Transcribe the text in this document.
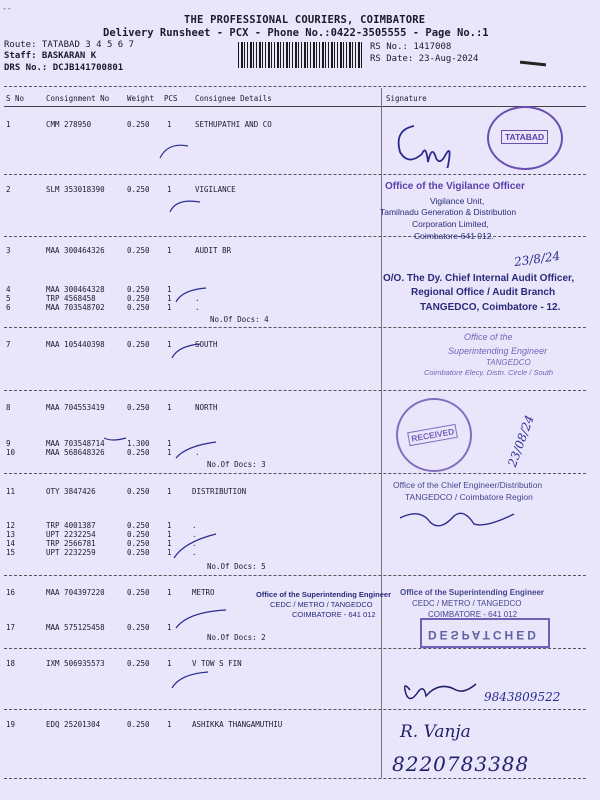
--
THE PROFESSIONAL COURIERS, COIMBATORE
Delivery Runsheet - PCX - Phone No.:0422-3505555 - Page No.:1
Route: TATABAD 3 4 5 6 7
Staff: BASKARAN K
DRS No.: DCJB141700801
RS No.: 1417008
RS Date: 23-Aug-2024
S No	Consignment No Weight PCS Consignee Details	Signature
1	CMM 278950	0.250 1	SETHUPATHI AND CO
2	SLM 353018390	0.250 1	VIGILANCE
3	MAA 300464326	0.250 1	AUDIT BR
4	MAA 300464328	0.250 1
5	TRP 4568458	0.250 1	.
6	MAA 703548702	0.250 1	.
No.Of Docs: 4
7	MAA 105440398	0.250 1	SOUTH
8	MAA 704553419	0.250 1	NORTH
9	MAA 703548714	1.300 1	.
10	MAA 568648326	0.250 1	.
No.Of Docs: 3
11	OTY 3847426	0.250 1	DISTRIBUTION
12	TRP 4001387	0.250 1	.
13	UPT 2232254	0.250 1	.
14	TRP 2566781	0.250 1	.
15	UPT 2232259	0.250 1	.
No.Of Docs: 5
16	MAA 704397220	0.250 1	METRO
17	MAA 575125458	0.250 1
No.Of Docs: 2
18	IXM 506935573	0.250 1	V TOW S FIN
19	EDQ 25201304	0.250 1	ASHIKKA THANGAMUTHIU
TATABAD
Office of the Vigilance Officer
Vigilance Unit,
Tamilnadu Generation & Distribution
Corporation Limited,
Coimbatore-641 012.
23/8/24
O/O. The Dy. Chief Internal Audit Officer,
Regional Office / Audit Branch
TANGEDCO, Coimbatore - 12.
Office of the
Superintending Engineer
TANGEDCO
Coimbatore Elecy. Distn. Circle / South
RECEIVED	23/08/24
Office of the Chief Engineer/Distribution
TANGEDCO / Coimbatore Region
Office of the Superintending Engineer
CEDC / METRO / TANGEDCO
COIMBATORE - 641 012
Office of the Superintending Engineer
CEDC / METRO / TANGEDCO
COIMBATORE - 641 012
DESPATCHED
9843809522
R. Vanja
8220783388
